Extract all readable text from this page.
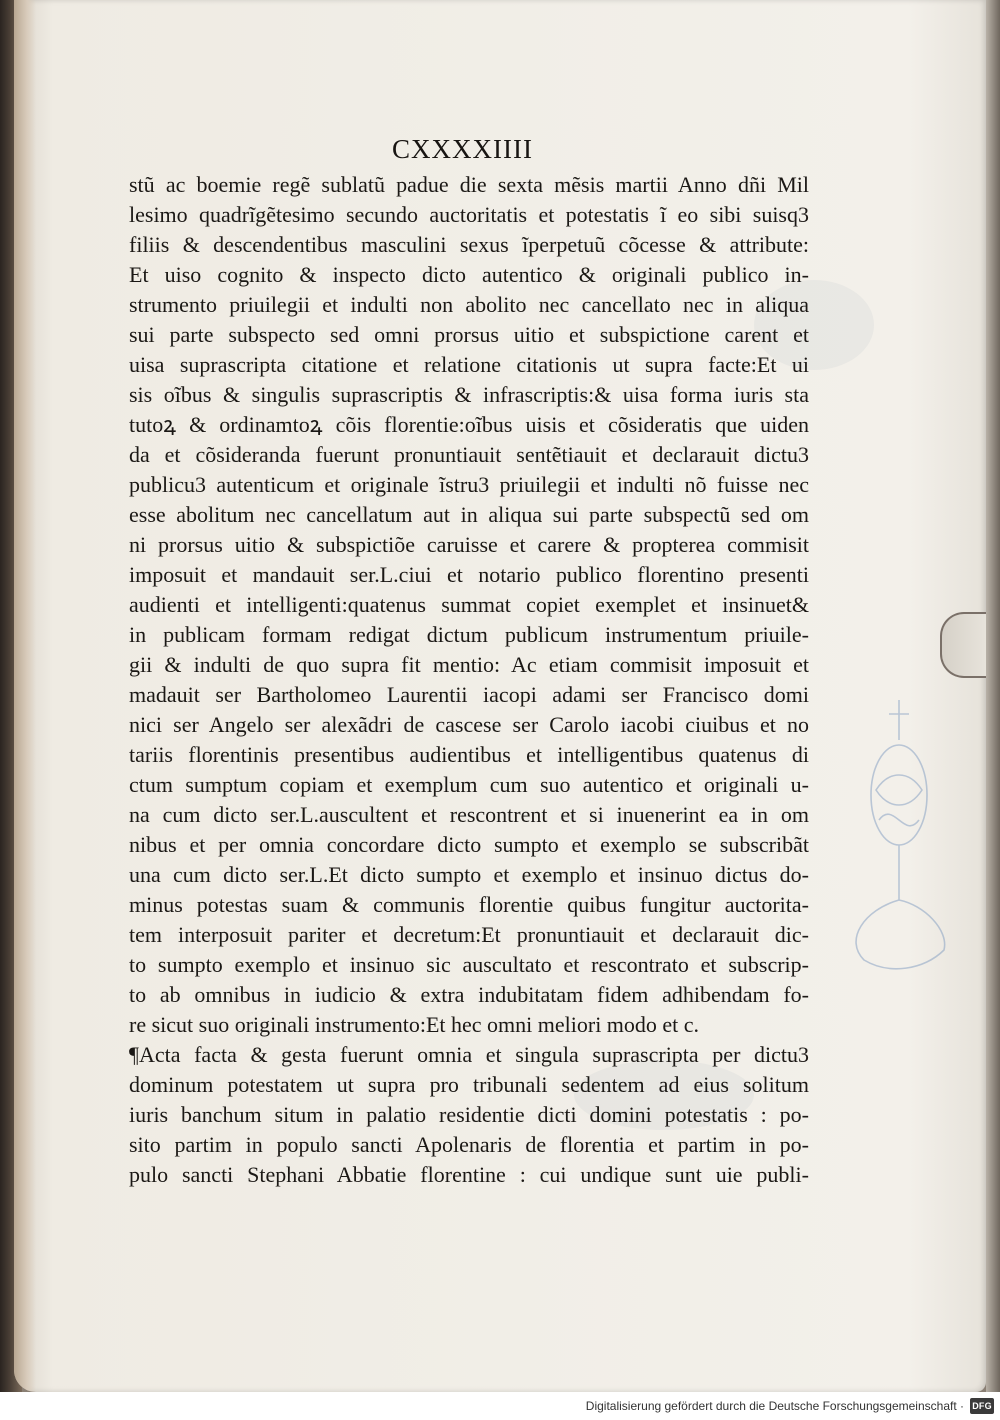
CXXXXIIII
stũ ac boemie regẽ sublatũ padue die sexta mẽsis martii Anno dñi Mil
lesimo quadrĩgẽtesimo secundo auctoritatis et potestatis ĩ eo sibi suisq3
filiis & descendentibus masculini sexus ĩperpetuũ cõcesse & attribute:
Et uiso cognito & inspecto dicto autentico & originali publico in‑
strumento priuilegii et indulti non abolito nec cancellato nec in aliqua
sui parte subspecto sed omni prorsus uitio et subspictione carent et
uisa suprascripta citatione et relatione citationis ut supra facte:Et ui
sis oĩbus & singulis suprascriptis & infrascriptis:& uisa forma iuris sta
tutoꝝ & ordinamtoꝝ cõis florentie:oĩbus uisis et cõsideratis que uiden
da et cõsideranda fuerunt pronuntiauit sentẽtiauit et declarauit dictu3
publicu3 autenticum et originale ĩstru3 priuilegii et indulti nõ fuisse nec
esse abolitum nec cancellatum aut in aliqua sui parte subspectũ sed om
ni prorsus uitio & subspictiõe caruisse et carere & propterea commisit
imposuit et mandauit ser.L.ciui et notario publico florentino presenti
audienti et intelligenti:quatenus summat copiet exemplet et insinuet&
in publicam formam redigat dictum publicum instrumentum priuile‑
gii & indulti de quo supra fit mentio: Ac etiam commisit imposuit et
madauit ser Bartholomeo Laurentii iacopi adami ser Francisco domi
nici ser Angelo ser alexãdri de cascese ser Carolo iacobi ciuibus et no
tariis florentinis presentibus audientibus et intelligentibus quatenus di
ctum sumptum copiam et exemplum cum suo autentico et originali u‑
na cum dicto ser.L.auscultent et rescontrent et si inuenerint ea in om
nibus et per omnia concordare dicto sumpto et exemplo se subscribãt
una cum dicto ser.L.Et dicto sumpto et exemplo et insinuo dictus do‑
minus potestas suam & communis florentie quibus fungitur auctorita‑
tem interposuit pariter et decretum:Et pronuntiauit et declarauit dic‑
to sumpto exemplo et insinuo sic auscultato et rescontrato et subscrip‑
to ab omnibus in iudicio & extra indubitatam fidem adhibendam fo‑
re sicut suo originali instrumento:Et hec omni meliori modo et c.
¶Acta facta & gesta fuerunt omnia et singula suprascripta per dictu3
dominum potestatem ut supra pro tribunali sedentem ad eius solitum
iuris banchum situm in palatio residentie dicti domini potestatis : po‑
sito partim in populo sancti Apolenaris de florentia et partim in po‑
pulo sancti Stephani Abbatie florentine : cui undique sunt uie publi‑
Digitalisierung gefördert durch die Deutsche Forschungsgemeinschaft · DFG
